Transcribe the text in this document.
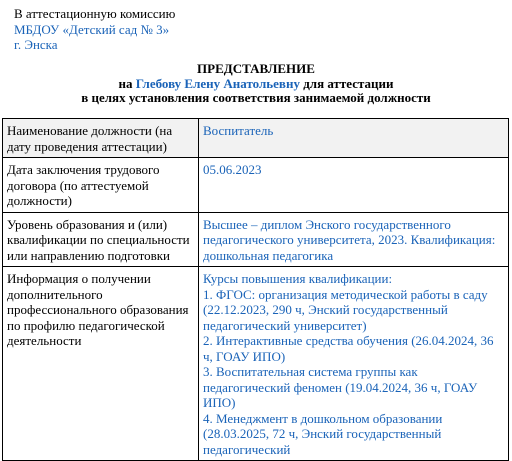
В аттестационную комиссию
МБДОУ «Детский сад № 3»
г. Энска
ПРЕДСТАВЛЕНИЕ
на Глебову Елену Анатольевну для аттестации
в целях установления соответствия занимаемой должности
Наименование должности (на дату проведения аттестации)	Воспитатель
Дата заключения трудового договора (по аттестуемой должности)	05.06.2023
Уровень образования и (или) квалификации по специальности или направлению подготовки	Высшее – диплом Энского государственного педагогического университета, 2023. Квалификация: дошкольная педагогика
Информация о получении дополнительного профессионального образования по профилю педагогической деятельности	Курсы повышения квалификации:
1. ФГОС: организация методической работы в саду (22.12.2023, 290 ч, Энский государственный педагогический университет)
2. Интерактивные средства обучения (26.04.2024, 36 ч, ГОАУ ИПО)
3. Воспитательная система группы как педагогический феномен (19.04.2024, 36 ч, ГОАУ ИПО)
4. Менеджмент в дошкольном образовании (28.03.2025, 72 ч, Энский государственный педагогический
